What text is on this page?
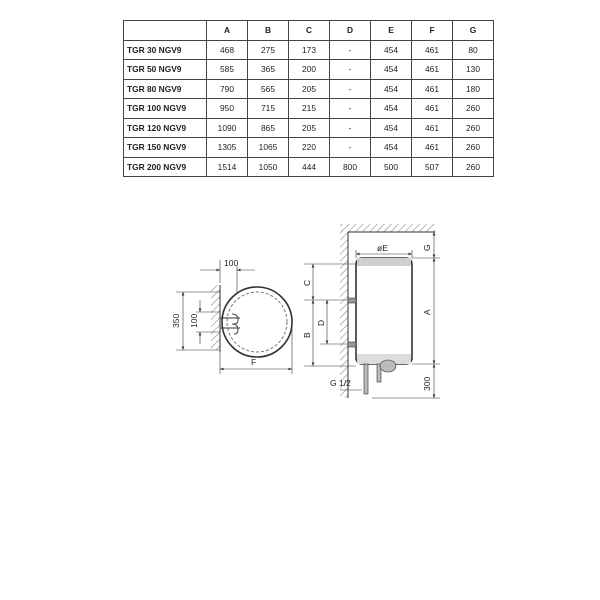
	A	B	C	D	E	F	G
TGR 30 NGV9	468	275	173	-	454	461	80
TGR 50 NGV9	585	365	200	-	454	461	130
TGR 80 NGV9	790	565	205	-	454	461	180
TGR 100 NGV9	950	715	215	-	454	461	260
TGR 120 NGV9	1090	865	205	-	454	461	260
TGR 150 NGV9	1305	1065	220	-	454	461	260
TGR 200 NGV9	1514	1050	444	800	500	507	260
100
350 100
F
øE	G
C
B
D
A
300
G 1/2
